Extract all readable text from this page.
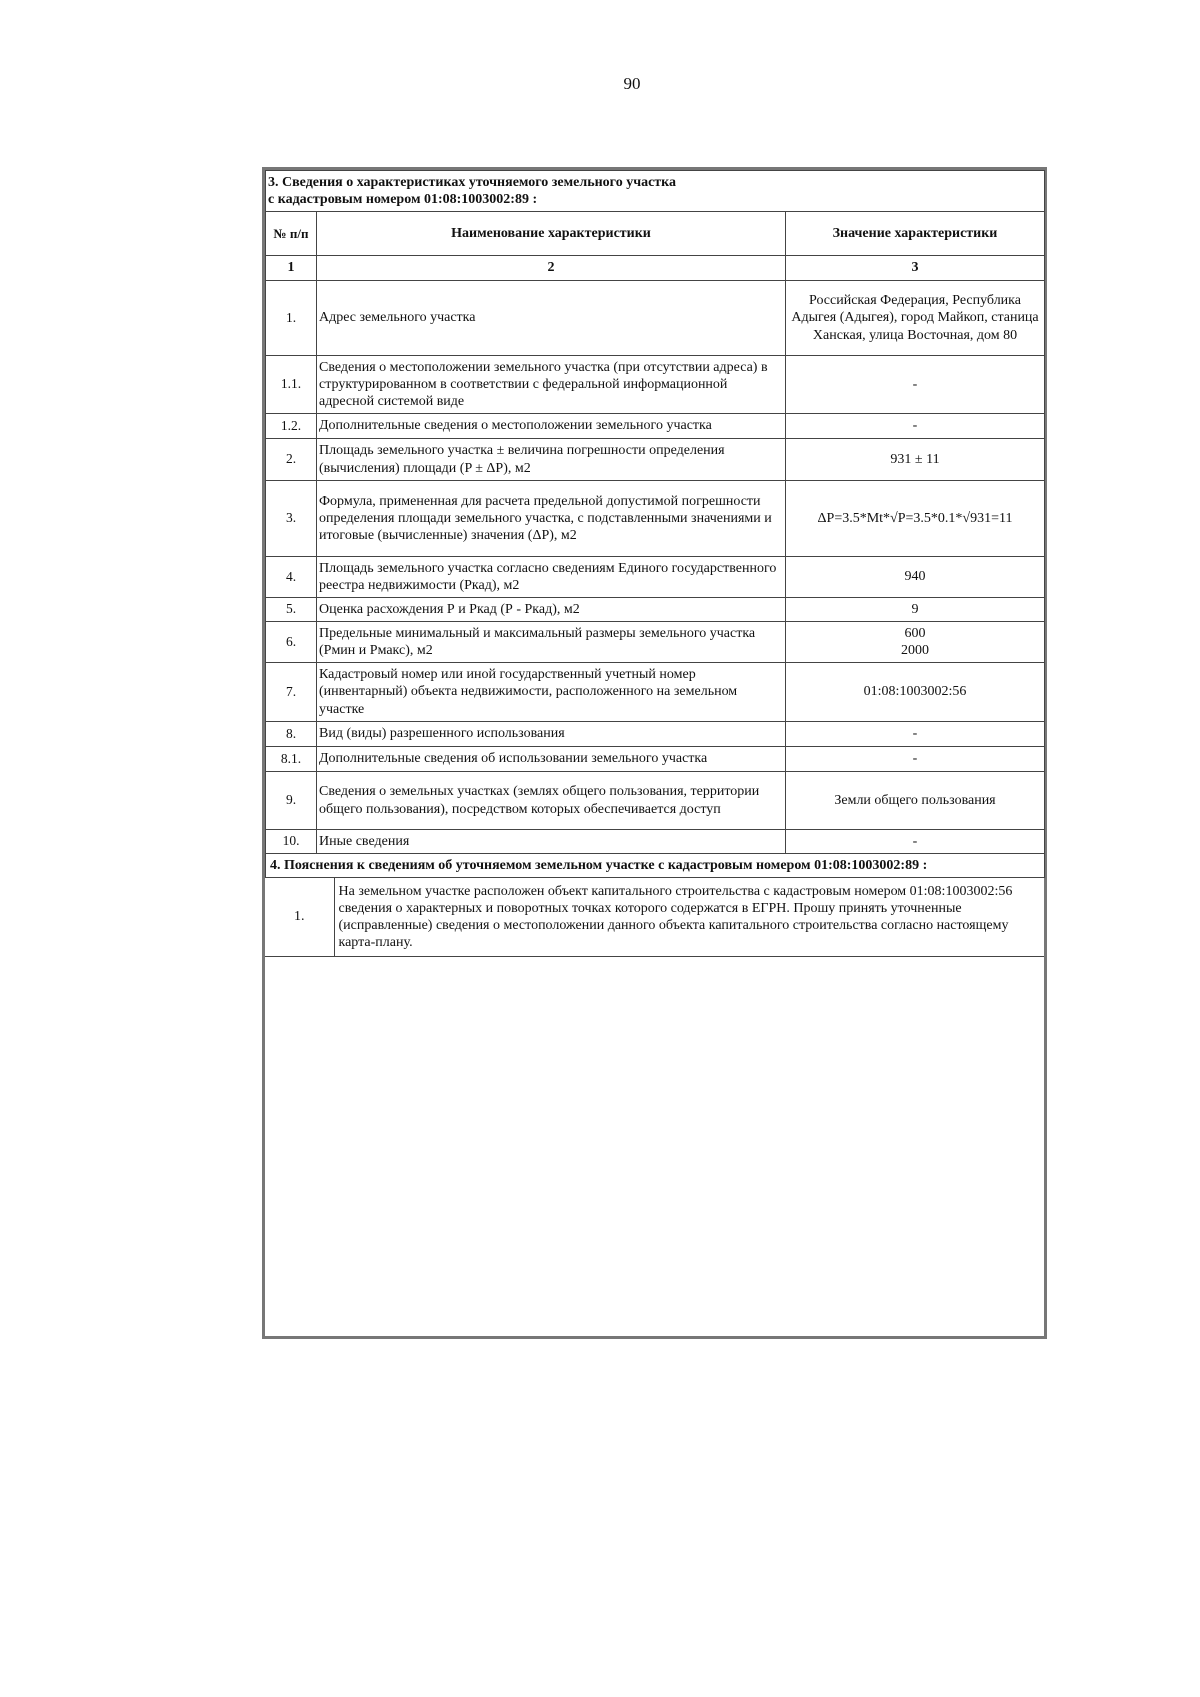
90
3. Сведения о характеристиках уточняемого земельного участка
с кадастровым номером 01:08:1003002:89 :		
№ п/п	Наименование характеристики	Значение характеристики
1	2	3
1.	Адрес земельного участка	Российская Федерация, Республика Адыгея (Адыгея), город Майкоп, станица Ханская, улица Восточная, дом 80
1.1.	Сведения о местоположении земельного участка (при отсутствии адреса) в структурированном в соответствии с федеральной информационной адресной системой виде	-
1.2.	Дополнительные сведения о местоположении земельного участка	-
2.	Площадь земельного участка ± величина погрешности определения (вычисления) площади (P ± ΔP), м2	931 ± 11
3.	Формула, примененная для расчета предельной допустимой погрешности определения площади земельного участка, с подставленными значениями и итоговые (вычисленные) значения (ΔP), м2	ΔP=3.5*Mt*√P=3.5*0.1*√931=11
4.	Площадь земельного участка согласно сведениям Единого государственного реестра недвижимости (Ркад), м2	940
5.	Оценка расхождения Р и Ркад (Р - Ркад), м2	9
6.	Предельные минимальный и максимальный размеры земельного участка (Рмин и Рмакс), м2	600
2000
7.	Кадастровый номер или иной государственный учетный номер (инвентарный) объекта недвижимости, расположенного на земельном участке	01:08:1003002:56
8.	Вид (виды) разрешенного использования	-
8.1.	Дополнительные сведения об использовании земельного участка	-
9.	Сведения о земельных участках (землях общего пользования, территории общего пользования), посредством которых обеспечивается доступ	Земли общего пользования
10.	Иные сведения	-
4. Пояснения к сведениям об уточняемом земельном участке с кадастровым номером 01:08:1003002:89 :		
1.	На земельном участке расположен объект капитального строительства с кадастровым номером 01:08:1003002:56 сведения о характерных и поворотных точках которого содержатся в ЕГРН. Прошу принять уточненные (исправленные) сведения о местоположении данного объекта капитального строительства согласно настоящему карта-плану.
